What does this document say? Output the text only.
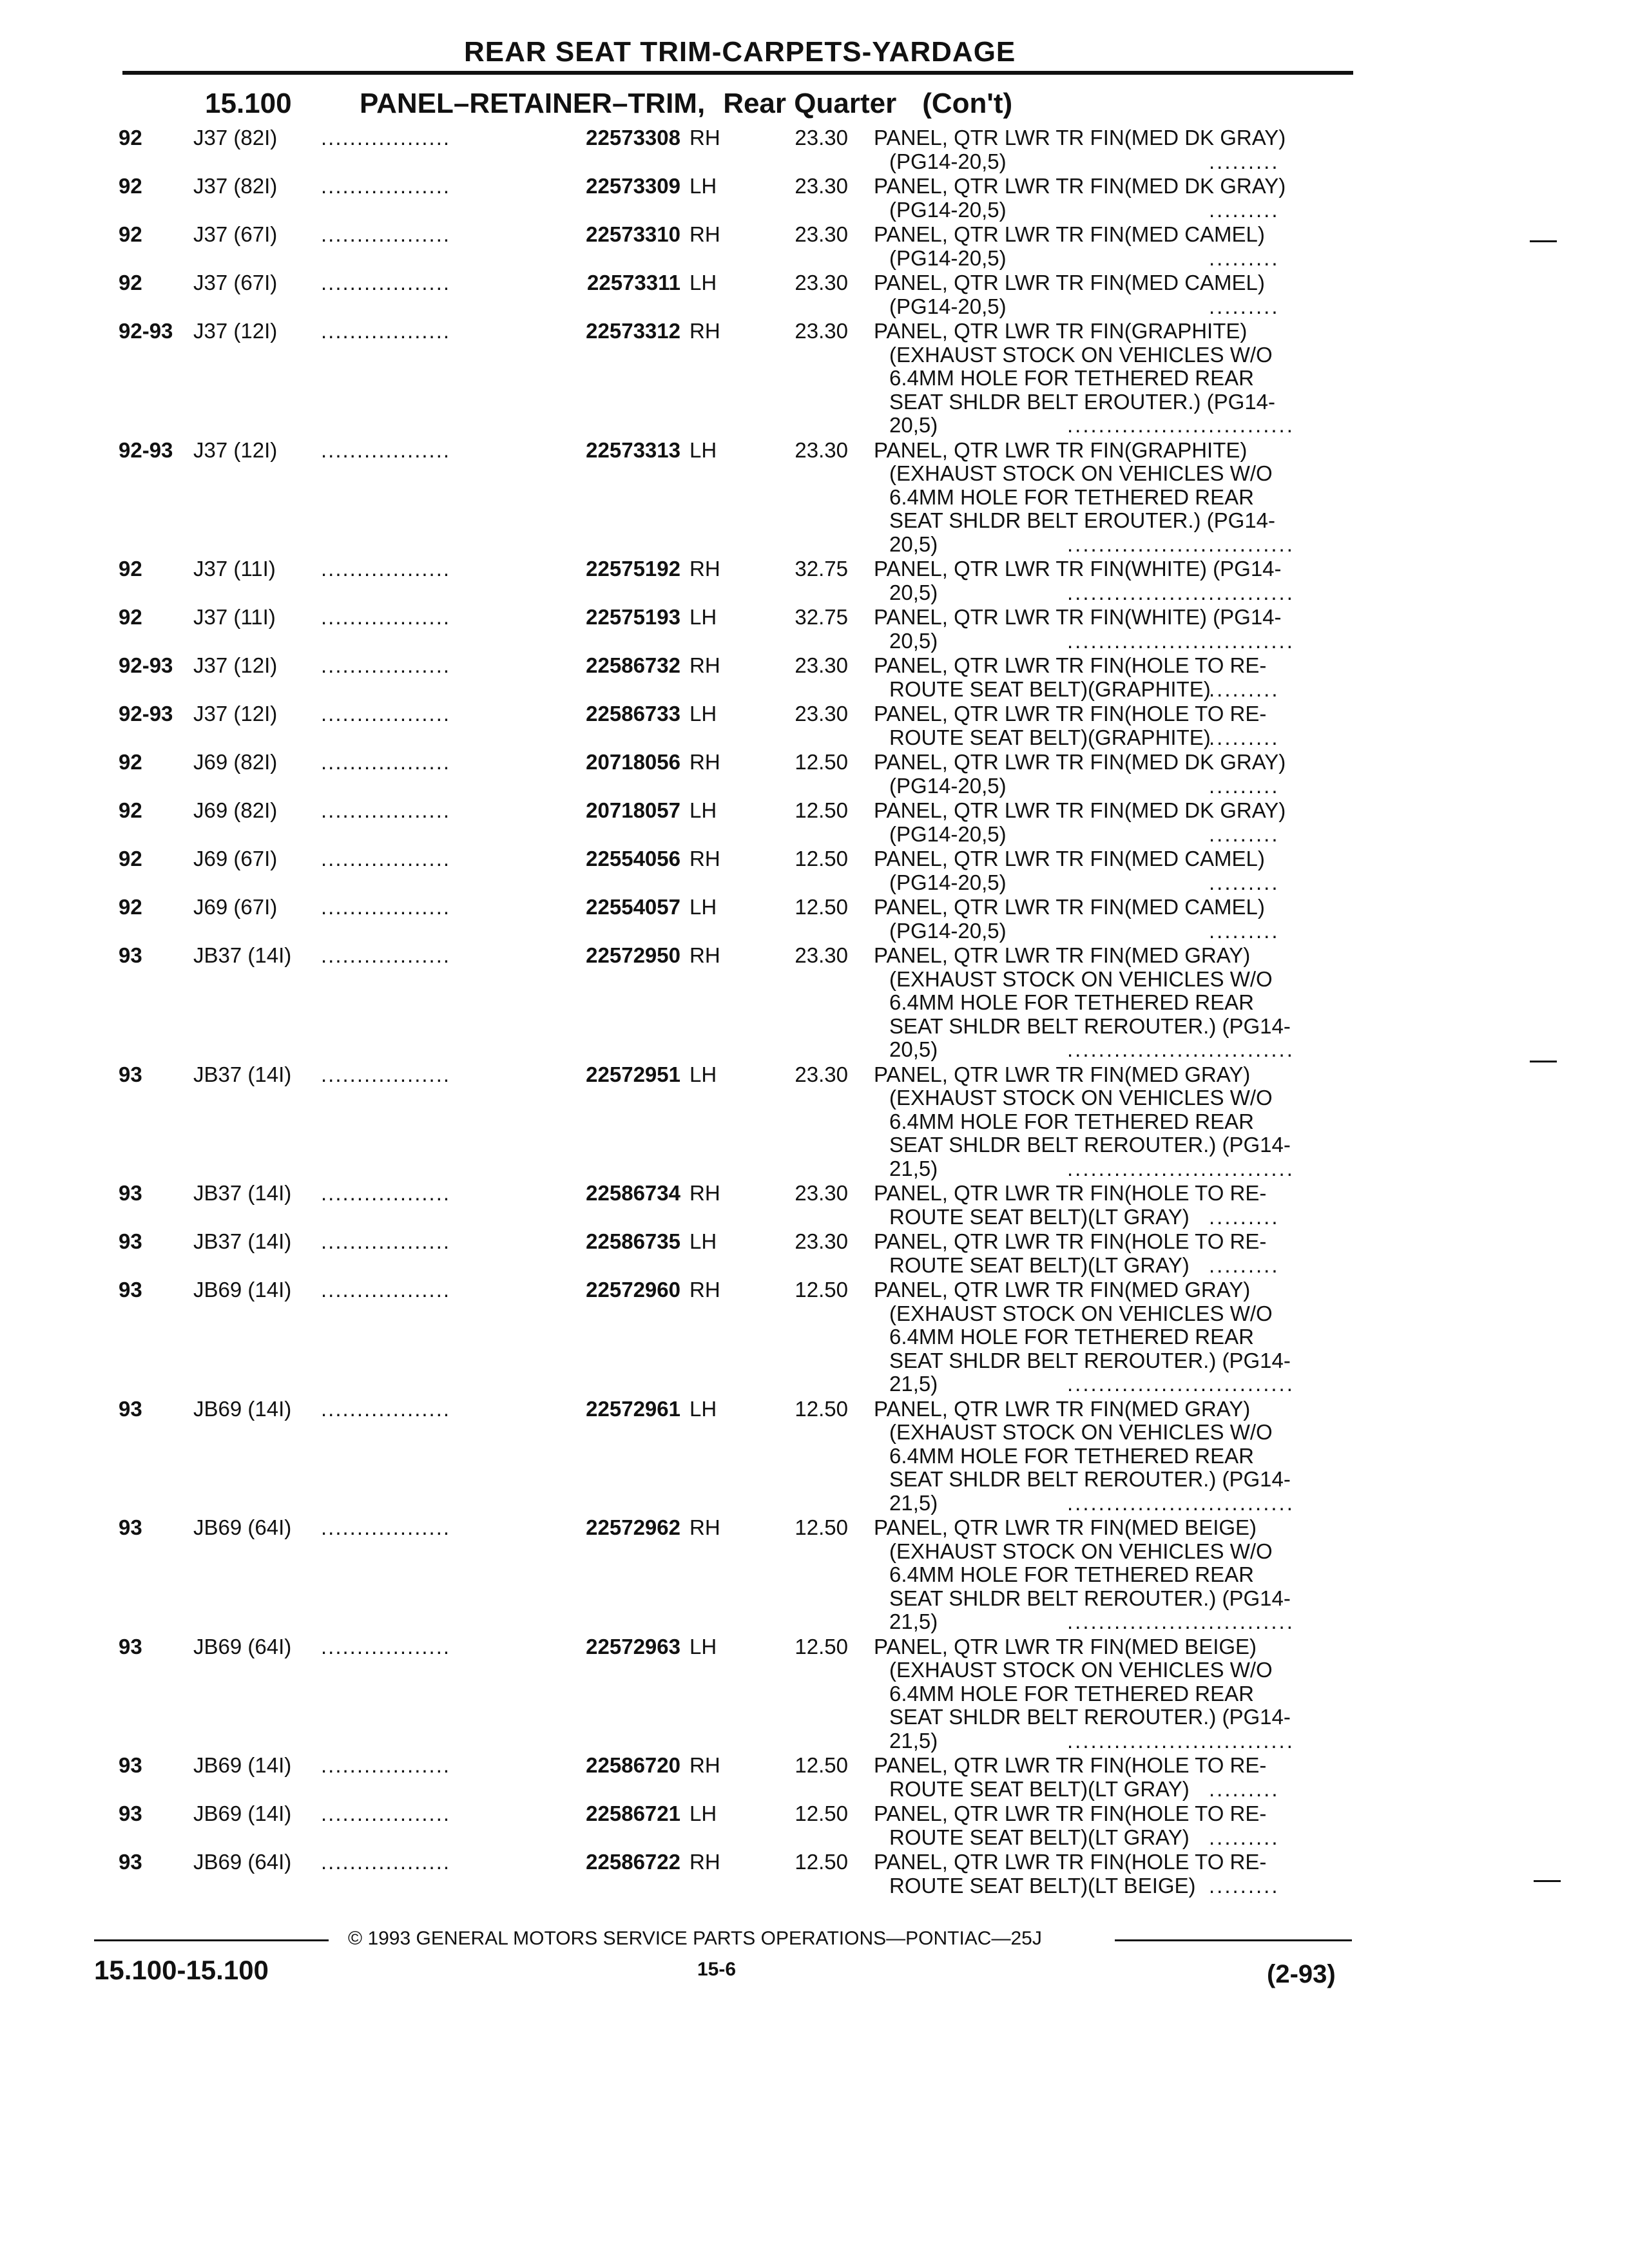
REAR SEAT TRIM-CARPETS-YARDAGE
15.100 PANEL–RETAINER–TRIM, Rear Quarter (Con't)
92 J37 (82I) ..................	22573308 RH	23.30 PANEL, QTR LWR TR FIN(MED DK GRAY)
(PG14-20,5)	.........
92 J37 (82I) ..................	22573309 LH	23.30 PANEL, QTR LWR TR FIN(MED DK GRAY)
(PG14-20,5)	.........
92 J37 (67I) ..................	22573310 RH	23.30 PANEL, QTR LWR TR FIN(MED CAMEL)
(PG14-20,5)	.........
92 J37 (67I) ..................	22573311 LH	23.30 PANEL, QTR LWR TR FIN(MED CAMEL)
(PG14-20,5)	.........
92-93 J37 (12I) ..................	22573312 RH	23.30 PANEL, QTR LWR TR FIN(GRAPHITE)
(EXHAUST STOCK ON VEHICLES W/O
6.4MM HOLE FOR TETHERED REAR
SEAT SHLDR BELT EROUTER.) (PG14-
20,5)	.............................
92-93 J37 (12I) ..................	22573313 LH	23.30 PANEL, QTR LWR TR FIN(GRAPHITE)
(EXHAUST STOCK ON VEHICLES W/O
6.4MM HOLE FOR TETHERED REAR
SEAT SHLDR BELT EROUTER.) (PG14-
20,5)	.............................
92 J37 (11I) ..................	22575192 RH	32.75 PANEL, QTR LWR TR FIN(WHITE) (PG14-
20,5)	.............................
92 J37 (11I) ..................	22575193 LH	32.75 PANEL, QTR LWR TR FIN(WHITE) (PG14-
20,5)	.............................
92-93 J37 (12I) ..................	22586732 RH	23.30 PANEL, QTR LWR TR FIN(HOLE TO RE-
ROUTE SEAT BELT)(GRAPHITE)
.........
92-93 J37 (12I) ..................	22586733 LH	23.30 PANEL, QTR LWR TR FIN(HOLE TO RE-
ROUTE SEAT BELT)(GRAPHITE)
.........
92 J69 (82I) ..................	20718056 RH	12.50 PANEL, QTR LWR TR FIN(MED DK GRAY)
(PG14-20,5)	.........
92 J69 (82I) ..................	20718057 LH	12.50 PANEL, QTR LWR TR FIN(MED DK GRAY)
(PG14-20,5)	.........
92 J69 (67I) ..................	22554056 RH	12.50 PANEL, QTR LWR TR FIN(MED CAMEL)
(PG14-20,5)	.........
92 J69 (67I) ..................	22554057 LH	12.50 PANEL, QTR LWR TR FIN(MED CAMEL)
(PG14-20,5)	.........
93 JB37 (14I) ..................	22572950 RH	23.30 PANEL, QTR LWR TR FIN(MED GRAY)
(EXHAUST STOCK ON VEHICLES W/O
6.4MM HOLE FOR TETHERED REAR
SEAT SHLDR BELT REROUTER.) (PG14-
20,5)	.............................
93 JB37 (14I) ..................	22572951 LH	23.30 PANEL, QTR LWR TR FIN(MED GRAY)
(EXHAUST STOCK ON VEHICLES W/O
6.4MM HOLE FOR TETHERED REAR
SEAT SHLDR BELT REROUTER.) (PG14-
21,5)	.............................
93 JB37 (14I) ..................	22586734 RH	23.30 PANEL, QTR LWR TR FIN(HOLE TO RE-
ROUTE SEAT BELT)(LT GRAY) .........
93 JB37 (14I) ..................	22586735 LH	23.30 PANEL, QTR LWR TR FIN(HOLE TO RE-
ROUTE SEAT BELT)(LT GRAY) .........
93 JB69 (14I) ..................	22572960 RH	12.50 PANEL, QTR LWR TR FIN(MED GRAY)
(EXHAUST STOCK ON VEHICLES W/O
6.4MM HOLE FOR TETHERED REAR
SEAT SHLDR BELT REROUTER.) (PG14-
21,5)	.............................
93 JB69 (14I) ..................	22572961 LH	12.50 PANEL, QTR LWR TR FIN(MED GRAY)
(EXHAUST STOCK ON VEHICLES W/O
6.4MM HOLE FOR TETHERED REAR
SEAT SHLDR BELT REROUTER.) (PG14-
21,5)	.............................
93 JB69 (64I) ..................	22572962 RH	12.50 PANEL, QTR LWR TR FIN(MED BEIGE)
(EXHAUST STOCK ON VEHICLES W/O
6.4MM HOLE FOR TETHERED REAR
SEAT SHLDR BELT REROUTER.) (PG14-
21,5)	.............................
93 JB69 (64I) ..................	22572963 LH	12.50 PANEL, QTR LWR TR FIN(MED BEIGE)
(EXHAUST STOCK ON VEHICLES W/O
6.4MM HOLE FOR TETHERED REAR
SEAT SHLDR BELT REROUTER.) (PG14-
21,5)	.............................
93 JB69 (14I) ..................	22586720 RH	12.50 PANEL, QTR LWR TR FIN(HOLE TO RE-
ROUTE SEAT BELT)(LT GRAY) .........
93 JB69 (14I) ..................	22586721 LH	12.50 PANEL, QTR LWR TR FIN(HOLE TO RE-
ROUTE SEAT BELT)(LT GRAY) .........
93 JB69 (64I) ..................	22586722 RH	12.50 PANEL, QTR LWR TR FIN(HOLE TO RE-
ROUTE SEAT BELT)(LT BEIGE) .........
© 1993 GENERAL MOTORS SERVICE PARTS OPERATIONS—PONTIAC—25J
15.100-15.100	15-6	(2-93)
